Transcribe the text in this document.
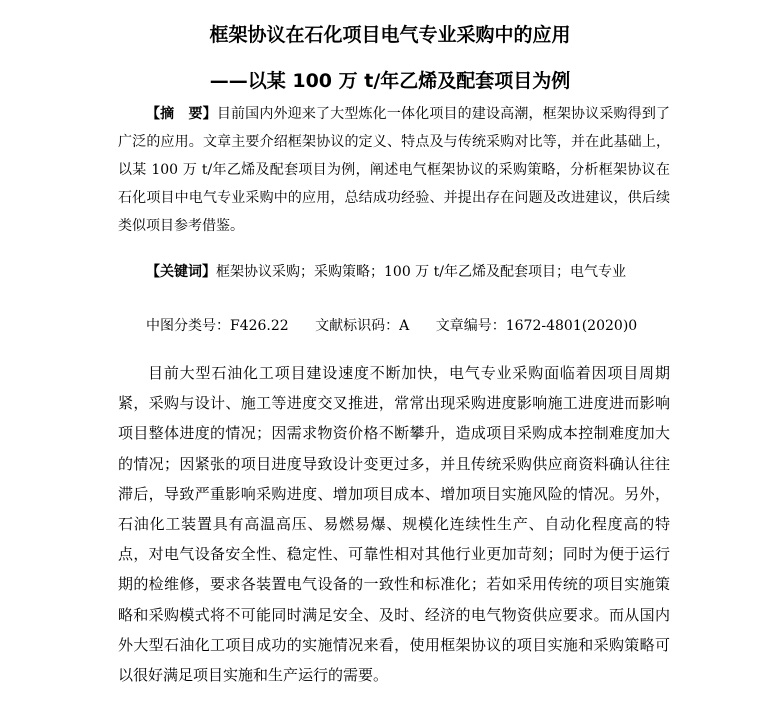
框架协议在石化项目电气专业采购中的应用
——以某 100 万 t/年乙烯及配套项目为例
【摘　要】目前国内外迎来了大型炼化一体化项目的建设高潮，框架协议采购得到了广泛的应用。文章主要介绍框架协议的定义、特点及与传统采购对比等，并在此基础上，以某 100 万 t/年乙烯及配套项目为例，阐述电气框架协议的采购策略，分析框架协议在石化项目中电气专业采购中的应用，总结成功经验、并提出存在问题及改进建议，供后续类似项目参考借鉴。
【关键词】框架协议采购；采购策略；100 万 t/年乙烯及配套项目；电气专业
中图分类号：F426.22 文献标识码：A 文章编号：1672-4801(2020)0
目前大型石油化工项目建设速度不断加快，电气专业采购面临着因项目周期紧，采购与设计、施工等进度交叉推进，常常出现采购进度影响施工进度进而影响项目整体进度的情况；因需求物资价格不断攀升，造成项目采购成本控制难度加大的情况；因紧张的项目进度导致设计变更过多，并且传统采购供应商资料确认往往滞后，导致严重影响采购进度、增加项目成本、增加项目实施风险的情况。另外，石油化工装置具有高温高压、易燃易爆、规模化连续性生产、自动化程度高的特点，对电气设备安全性、稳定性、可靠性相对其他行业更加苛刻；同时为便于运行期的检维修，要求各装置电气设备的一致性和标准化；若如采用传统的项目实施策略和采购模式将不可能同时满足安全、及时、经济的电气物资供应要求。而从国内外大型石油化工项目成功的实施情况来看，使用框架协议的项目实施和采购策略可以很好满足项目实施和生产运行的需要。
